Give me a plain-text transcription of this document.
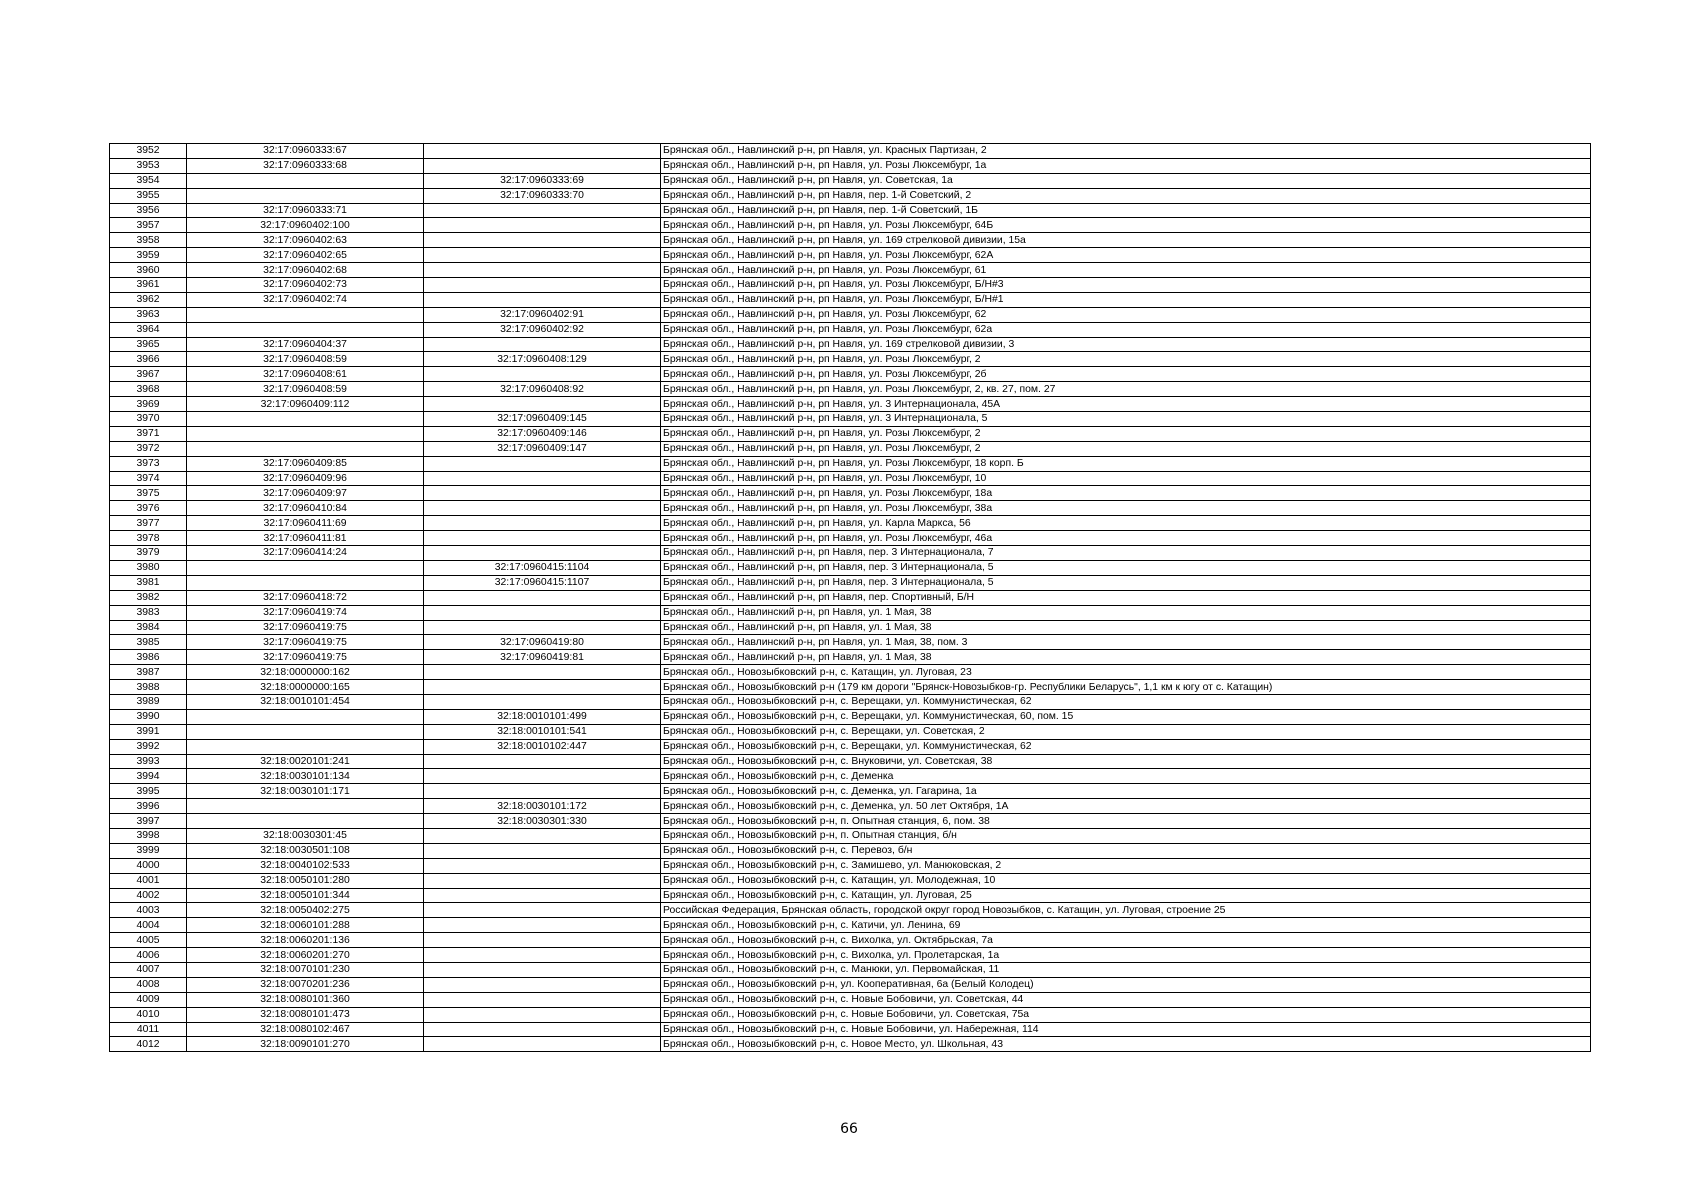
3952	32:17:0960333:67		Брянская обл., Навлинский р-н, рп Навля, ул. Красных Партизан, 2
3953	32:17:0960333:68		Брянская обл., Навлинский р-н, рп Навля, ул. Розы Люксембург, 1а
3954		32:17:0960333:69	Брянская обл., Навлинский р-н, рп Навля, ул. Советская, 1а
3955		32:17:0960333:70	Брянская обл., Навлинский р-н, рп Навля, пер. 1-й Советский, 2
3956	32:17:0960333:71		Брянская обл., Навлинский р-н, рп Навля, пер. 1-й Советский, 1Б
3957	32:17:0960402:100		Брянская обл., Навлинский р-н, рп Навля, ул. Розы Люксембург, 64Б
3958	32:17:0960402:63		Брянская обл., Навлинский р-н, рп Навля, ул. 169 стрелковой дивизии, 15а
3959	32:17:0960402:65		Брянская обл., Навлинский р-н, рп Навля, ул. Розы Люксембург, 62А
3960	32:17:0960402:68		Брянская обл., Навлинский р-н, рп Навля, ул. Розы Люксембург, 61
3961	32:17:0960402:73		Брянская обл., Навлинский р-н, рп Навля, ул. Розы Люксембург, Б/Н#3
3962	32:17:0960402:74		Брянская обл., Навлинский р-н, рп Навля, ул. Розы Люксембург, Б/Н#1
3963		32:17:0960402:91	Брянская обл., Навлинский р-н, рп Навля, ул. Розы Люксембург, 62
3964		32:17:0960402:92	Брянская обл., Навлинский р-н, рп Навля, ул. Розы Люксембург, 62а
3965	32:17:0960404:37		Брянская обл., Навлинский р-н, рп Навля, ул. 169 стрелковой дивизии, 3
3966	32:17:0960408:59	32:17:0960408:129	Брянская обл., Навлинский р-н, рп Навля, ул. Розы Люксембург, 2
3967	32:17:0960408:61		Брянская обл., Навлинский р-н, рп Навля, ул. Розы Люксембург, 2б
3968	32:17:0960408:59	32:17:0960408:92	Брянская обл., Навлинский р-н, рп Навля, ул. Розы Люксембург, 2, кв. 27, пом. 27
3969	32:17:0960409:112		Брянская обл., Навлинский р-н, рп Навля, ул. 3 Интернационала, 45А
3970		32:17:0960409:145	Брянская обл., Навлинский р-н, рп Навля, ул. 3 Интернационала, 5
3971		32:17:0960409:146	Брянская обл., Навлинский р-н, рп Навля, ул. Розы Люксембург, 2
3972		32:17:0960409:147	Брянская обл., Навлинский р-н, рп Навля, ул. Розы Люксембург, 2
3973	32:17:0960409:85		Брянская обл., Навлинский р-н, рп Навля, ул. Розы Люксембург, 18 корп. Б
3974	32:17:0960409:96		Брянская обл., Навлинский р-н, рп Навля, ул. Розы Люксембург, 10
3975	32:17:0960409:97		Брянская обл., Навлинский р-н, рп Навля, ул. Розы Люксембург, 18а
3976	32:17:0960410:84		Брянская обл., Навлинский р-н, рп Навля, ул. Розы Люксембург, 38а
3977	32:17:0960411:69		Брянская обл., Навлинский р-н, рп Навля, ул. Карла Маркса, 56
3978	32:17:0960411:81		Брянская обл., Навлинский р-н, рп Навля, ул. Розы Люксембург, 46а
3979	32:17:0960414:24		Брянская обл., Навлинский р-н, рп Навля, пер. 3 Интернационала, 7
3980		32:17:0960415:1104	Брянская обл., Навлинский р-н, рп Навля, пер. 3 Интернационала, 5
3981		32:17:0960415:1107	Брянская обл., Навлинский р-н, рп Навля, пер. 3 Интернационала, 5
3982	32:17:0960418:72		Брянская обл., Навлинский р-н, рп Навля, пер. Спортивный, Б/Н
3983	32:17:0960419:74		Брянская обл., Навлинский р-н, рп Навля, ул. 1 Мая, 38
3984	32:17:0960419:75		Брянская обл., Навлинский р-н, рп Навля, ул. 1 Мая, 38
3985	32:17:0960419:75	32:17:0960419:80	Брянская обл., Навлинский р-н, рп Навля, ул. 1 Мая, 38, пом. 3
3986	32:17:0960419:75	32:17:0960419:81	Брянская обл., Навлинский р-н, рп Навля, ул. 1 Мая, 38
3987	32:18:0000000:162		Брянская обл., Новозыбковский р-н, с. Катащин, ул. Луговая, 23
3988	32:18:0000000:165		Брянская обл., Новозыбковский р-н (179 км дороги "Брянск-Новозыбков-гр. Республики Беларусь", 1,1 км к югу от с. Катащин)
3989	32:18:0010101:454		Брянская обл., Новозыбковский р-н, с. Верещаки, ул. Коммунистическая, 62
3990		32:18:0010101:499	Брянская обл., Новозыбковский р-н, с. Верещаки, ул. Коммунистическая, 60, пом. 15
3991		32:18:0010101:541	Брянская обл., Новозыбковский р-н, с. Верещаки, ул. Советская, 2
3992		32:18:0010102:447	Брянская обл., Новозыбковский р-н, с. Верещаки, ул. Коммунистическая, 62
3993	32:18:0020101:241		Брянская обл., Новозыбковский р-н, с. Внуковичи, ул. Советская, 38
3994	32:18:0030101:134		Брянская обл., Новозыбковский р-н, с. Деменка
3995	32:18:0030101:171		Брянская обл., Новозыбковский р-н, с. Деменка, ул. Гагарина, 1а
3996		32:18:0030101:172	Брянская обл., Новозыбковский р-н, с. Деменка, ул. 50 лет Октября, 1А
3997		32:18:0030301:330	Брянская обл., Новозыбковский р-н, п. Опытная станция, 6, пом. 38
3998	32:18:0030301:45		Брянская обл., Новозыбковский р-н, п. Опытная станция, б/н
3999	32:18:0030501:108		Брянская обл., Новозыбковский р-н, с. Перевоз, б/н
4000	32:18:0040102:533		Брянская обл., Новозыбковский р-н, с. Замишево, ул. Манюковская, 2
4001	32:18:0050101:280		Брянская обл., Новозыбковский р-н, с. Катащин, ул. Молодежная, 10
4002	32:18:0050101:344		Брянская обл., Новозыбковский р-н, с. Катащин, ул. Луговая, 25
4003	32:18:0050402:275		Российская Федерация, Брянская область, городской округ город Новозыбков, с. Катащин, ул. Луговая, строение 25
4004	32:18:0060101:288		Брянская обл., Новозыбковский р-н, с. Катичи, ул. Ленина, 69
4005	32:18:0060201:136		Брянская обл., Новозыбковский р-н, с. Вихолка, ул. Октябрьская, 7а
4006	32:18:0060201:270		Брянская обл., Новозыбковский р-н, с. Вихолка, ул. Пролетарская, 1а
4007	32:18:0070101:230		Брянская обл., Новозыбковский р-н, с. Манюки, ул. Первомайская, 11
4008	32:18:0070201:236		Брянская обл., Новозыбковский р-н, ул. Кооперативная, 6а (Белый Колодец)
4009	32:18:0080101:360		Брянская обл., Новозыбковский р-н, с. Новые Бобовичи, ул. Советская, 44
4010	32:18:0080101:473		Брянская обл., Новозыбковский р-н, с. Новые Бобовичи, ул. Советская, 75а
4011	32:18:0080102:467		Брянская обл., Новозыбковский р-н, с. Новые Бобовичи, ул. Набережная, 114
4012	32:18:0090101:270		Брянская обл., Новозыбковский р-н, с. Новое Место, ул. Школьная, 43
66
